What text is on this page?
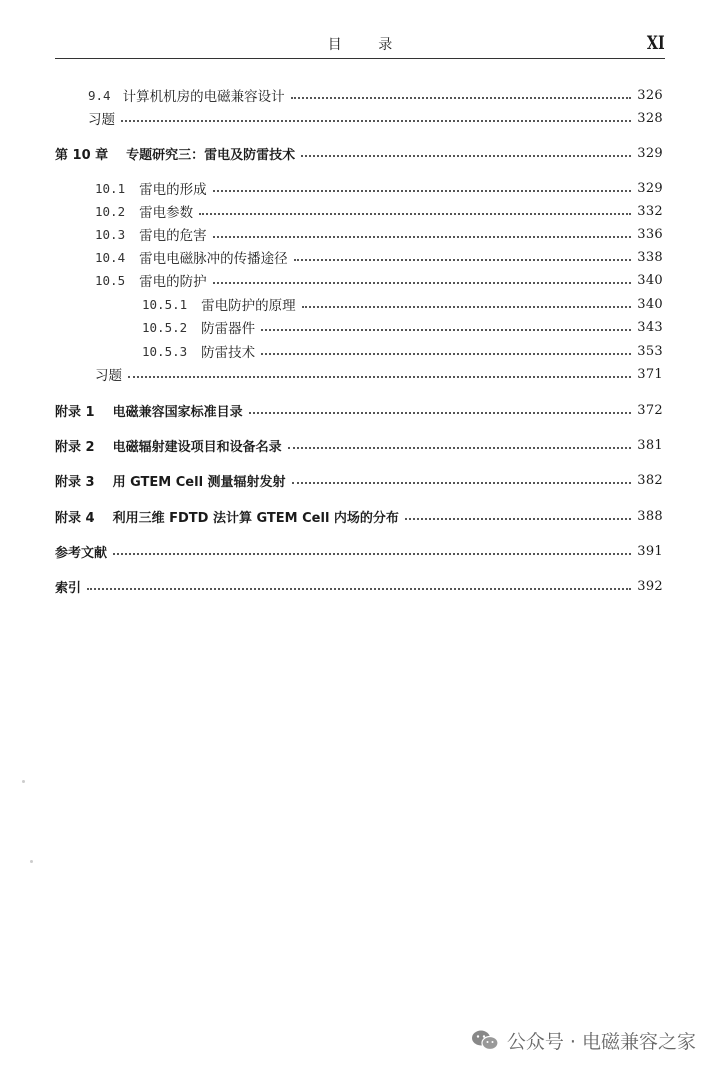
目 录	XI
9.4 计算机机房的电磁兼容设计	326
习题	328
第 10 章 专题研究三：雷电及防雷技术	329
10.1 雷电的形成	329
10.2 雷电参数	332
10.3 雷电的危害	336
10.4 雷电电磁脉冲的传播途径	338
10.5 雷电的防护	340
10.5.1 雷电防护的原理	340
10.5.2 防雷器件	343
10.5.3 防雷技术	353
习题	371
附录 1 电磁兼容国家标准目录	372
附录 2 电磁辐射建设项目和设备名录	381
附录 3 用 GTEM Cell 测量辐射发射	382
附录 4 利用三维 FDTD 法计算 GTEM Cell 内场的分布	388
参考文献	391
索引	392
公众号 · 电磁兼容之家
